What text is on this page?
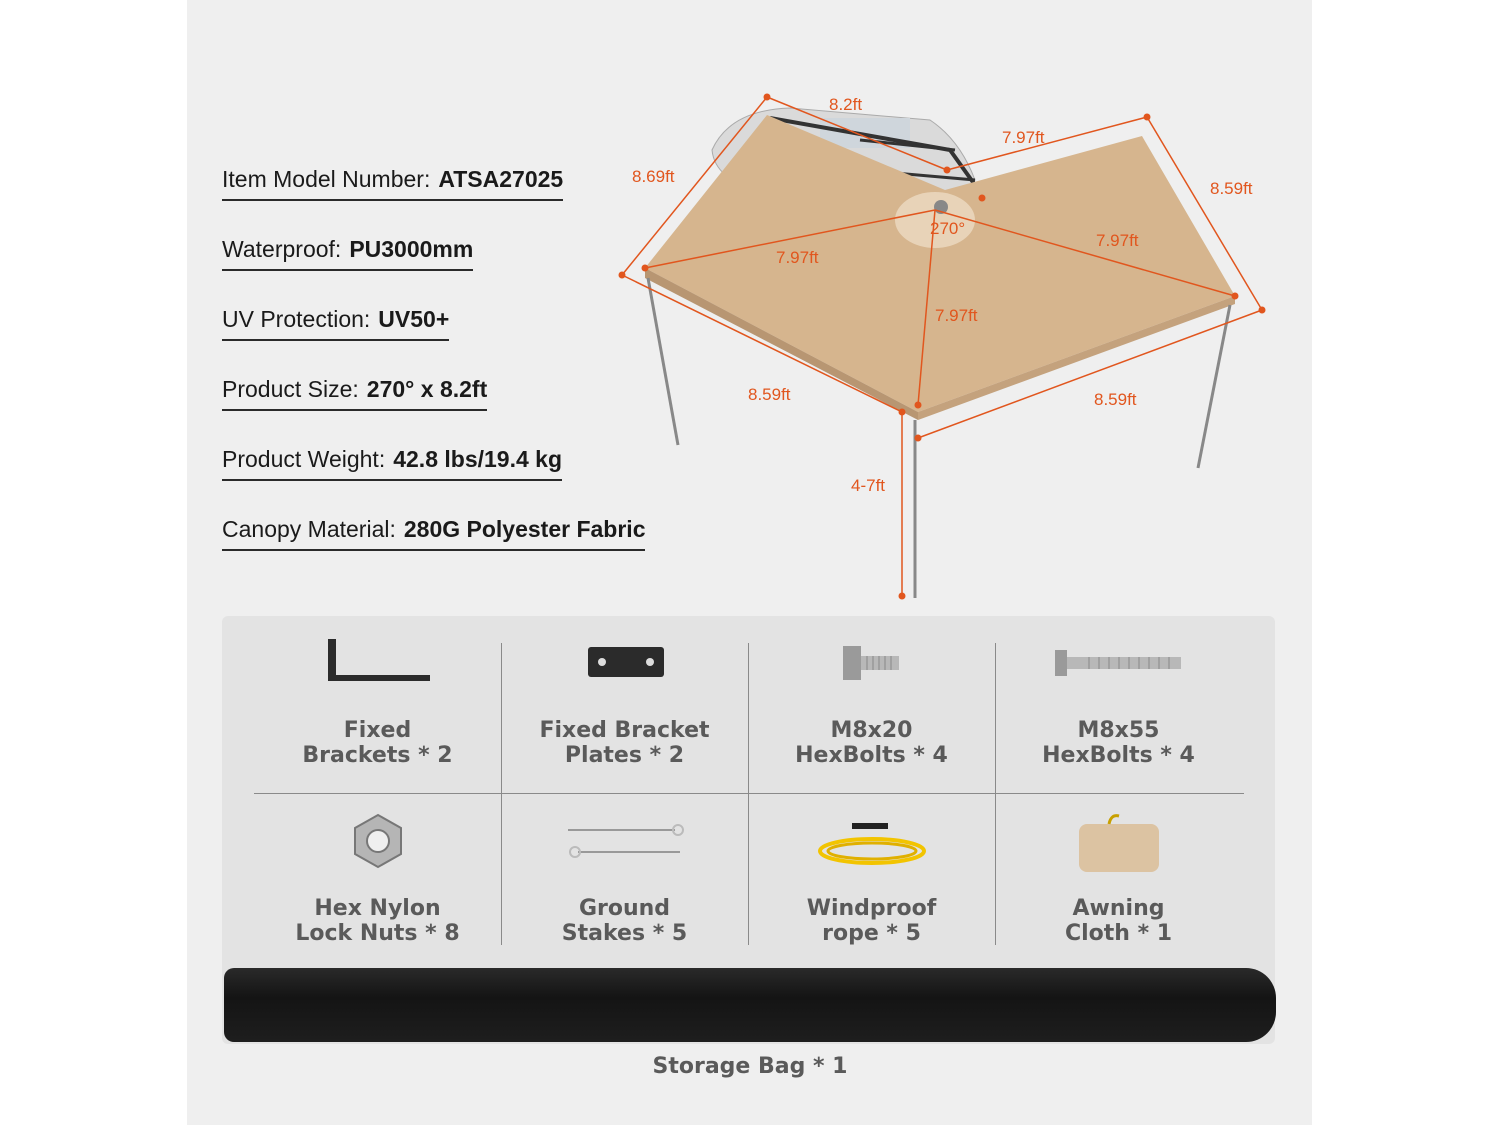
Item Model Number: ATSA27025
Waterproof: PU3000mm
UV Protection: UV50+
Product Size: 270° x 8.2ft
Product Weight: 42.8 lbs/19.4 kg
Canopy Material: 280G Polyester Fabric
8.2ft
7.97ft
8.69ft
8.59ft
270°
7.97ft
7.97ft
7.97ft
8.59ft	8.59ft
4-7ft
Fixed
Brackets * 2
Fixed Bracket
Plates * 2
M8x20
HexBolts * 4
M8x55
HexBolts * 4
Hex Nylon
Lock Nuts * 8
Ground
Stakes * 5
Windproof
rope * 5
Awning
Cloth * 1
Storage Bag * 1
